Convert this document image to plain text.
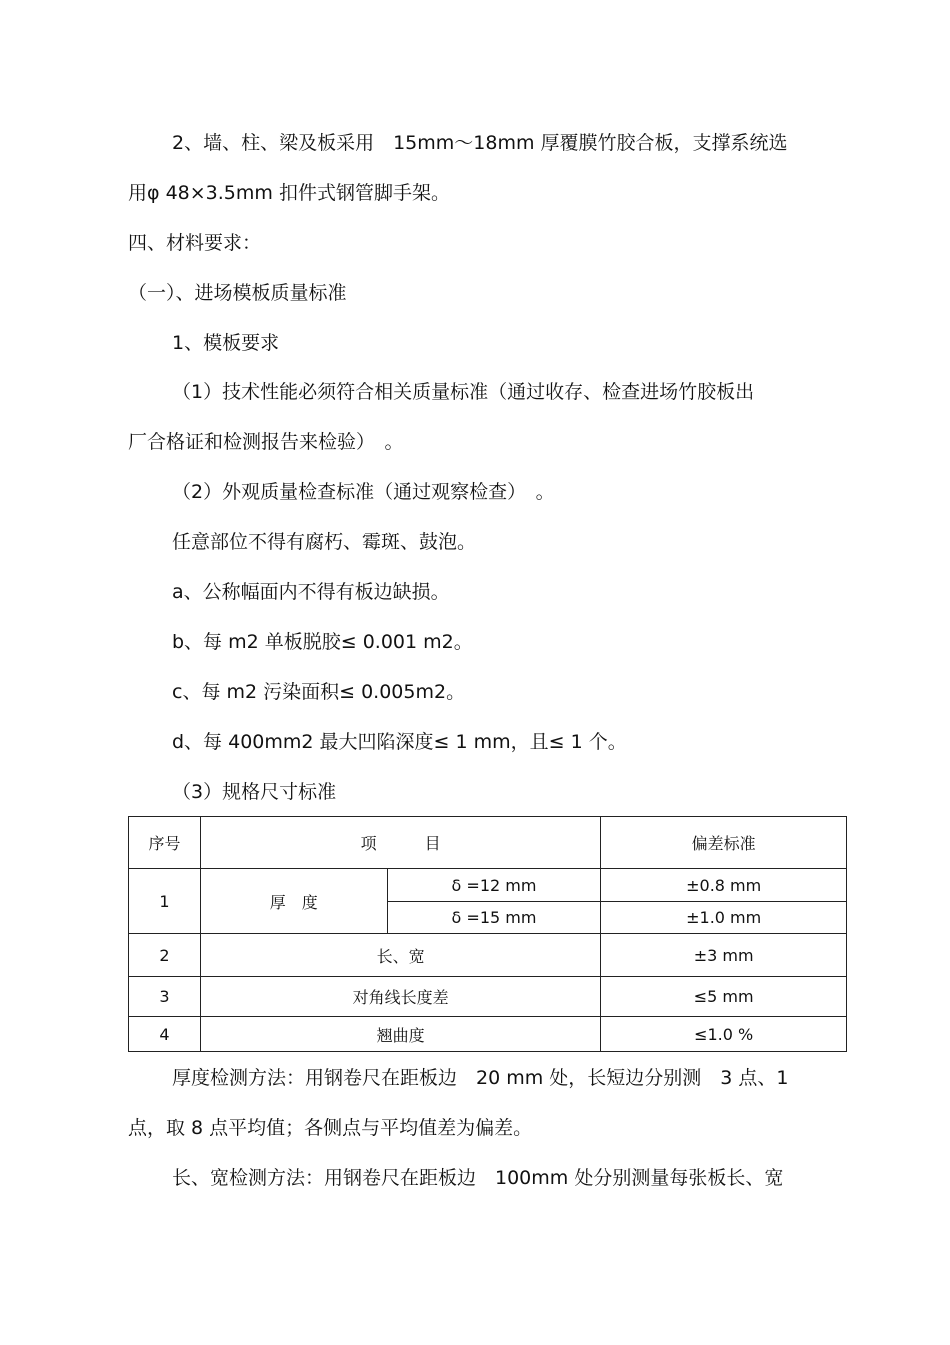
2、墙、柱、梁及板采用　15mm～18mm 厚覆膜竹胶合板，支撑系统选
用φ 48×3.5mm 扣件式钢管脚手架。
四、材料要求：
（一）、进场模板质量标准
1、模板要求
（1）技术性能必须符合相关质量标准（通过收存、检查进场竹胶板出
厂合格证和检测报告来检验）　。
（2）外观质量检查标准（通过观察检查）　。
任意部位不得有腐朽、霉斑、鼓泡。
a、公称幅面内不得有板边缺损。
b、每 m2 单板脱胶≤ 0.001 m2。
c、每 m2 污染面积≤ 0.005m2。
d、每 400mm2 最大凹陷深度≤ 1 mm，且≤ 1 个。
（3）规格尺寸标准
序号	项　　　目		偏差标准
1	厚　度	δ =12 mm	±0.8 mm
		δ =15 mm	±1.0 mm
2	长、宽		±3 mm
3	对角线长度差		≤5 mm
4	翘曲度		≤1.0 %
厚度检测方法：用钢卷尺在距板边　20 mm 处，长短边分别测　3 点、1
点，取 8 点平均值；各侧点与平均值差为偏差。
长、宽检测方法：用钢卷尺在距板边　100mm 处分别测量每张板长、宽
